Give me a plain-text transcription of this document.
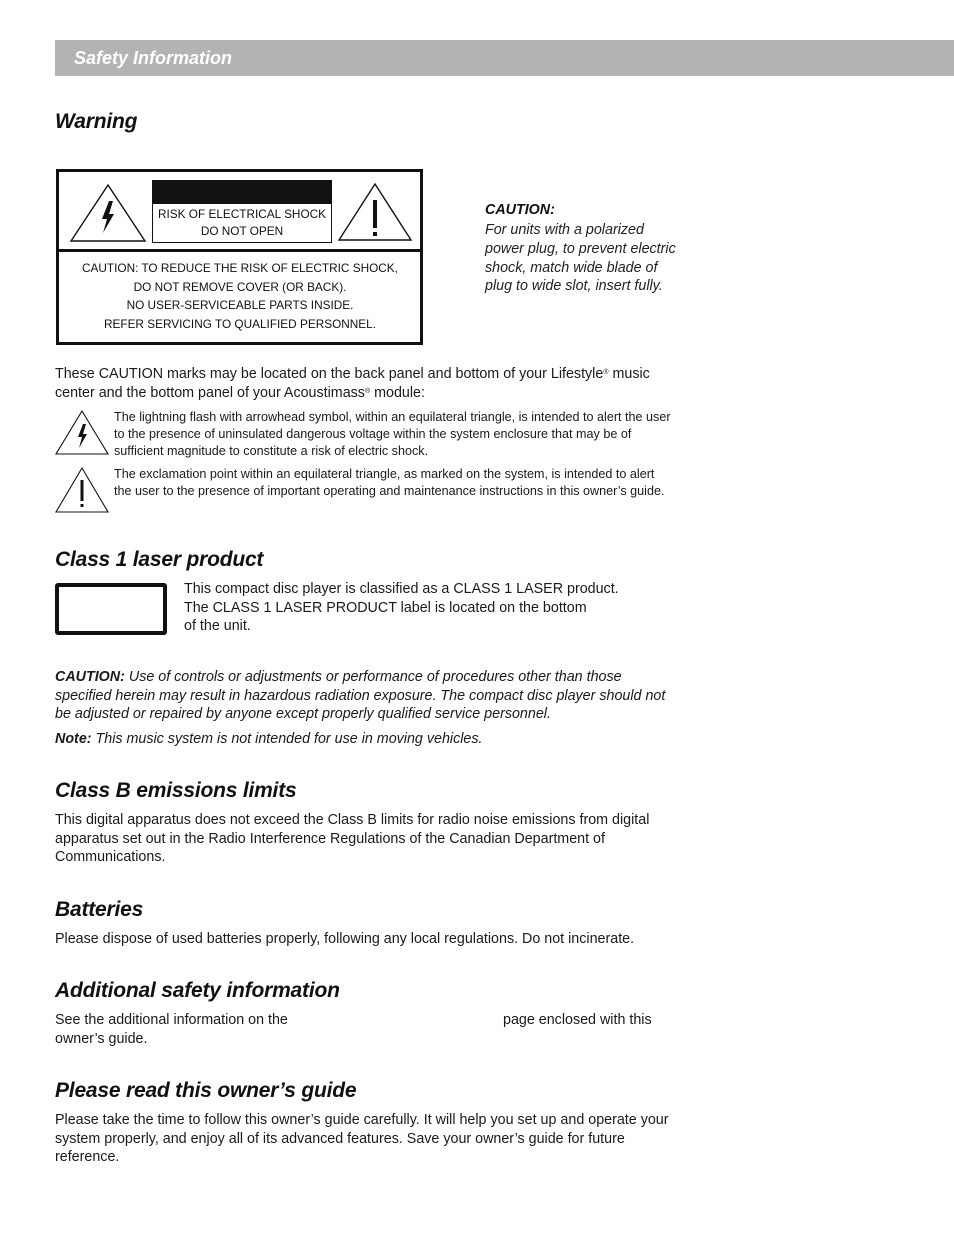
Safety Information
Warning
RISK OF ELECTRICAL SHOCK
DO NOT OPEN
CAUTION: TO REDUCE THE RISK OF ELECTRIC SHOCK,
DO NOT REMOVE COVER (OR BACK).
NO USER-SERVICEABLE PARTS INSIDE.
REFER SERVICING TO QUALIFIED PERSONNEL.
CAUTION:
For units with a polarized power plug, to prevent electric shock, match wide blade of plug to wide slot, insert fully.
These CAUTION marks may be located on the back panel and bottom of your Lifestyle® music center and the bottom panel of your Acoustimass® module:
The lightning flash with arrowhead symbol, within an equilateral triangle, is intended to alert the user to the presence of uninsulated dangerous voltage within the system enclosure that may be of sufficient magnitude to constitute a risk of electric shock.
The exclamation point within an equilateral triangle, as marked on the system, is intended to alert the user to the presence of important operating and maintenance instructions in this owner’s guide.
Class 1 laser product
This compact disc player is classified as a CLASS 1 LASER product.
The CLASS 1 LASER PRODUCT label is located on the bottom
of the unit.
CAUTION: Use of controls or adjustments or performance of procedures other than those specified herein may result in hazardous radiation exposure. The compact disc player should not be adjusted or repaired by anyone except properly qualified service personnel.
Note: This music system is not intended for use in moving vehicles.
Class B emissions limits
This digital apparatus does not exceed the Class B limits for radio noise emissions from digital apparatus set out in the Radio Interference Regulations of the Canadian Department of Communications.
Batteries
Please dispose of used batteries properly, following any local regulations. Do not incinerate.
Additional safety information
See the additional information on the	page enclosed with this
owner’s guide.
Please read this owner’s guide
Please take the time to follow this owner’s guide carefully. It will help you set up and operate your system properly, and enjoy all of its advanced features. Save your owner’s guide for future reference.
